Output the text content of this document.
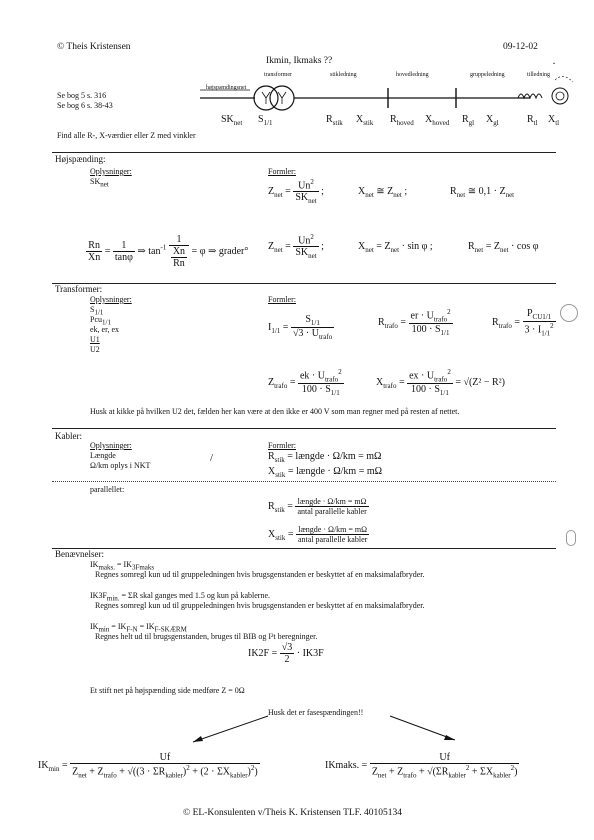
© Theis Kristensen	09-12-02
Ikmin, Ikmaks ??	·
Se bog 5 s. 316
Se bog 6 s. 38-43
transformer	stikledning	hovedledning	gruppeledning	tilledning
højspændingsnet
$SK_{net}$ $S_{1/1}$	$R_{stik}$ $X_{stik}$ $R_{hoved}$ $X_{hoved}$ $R_{gl}$ $X_{gl}$	$R_{tl}$ $X_{tl}$
Find alle R-, X-værdier eller Z med vinkler
Højspænding:
Oplysninger:
$SK_{net}$
Formler:
$Z_{net} = \frac{Un^2}{SK_{net}}$ ;	$X_{net}$ ≅ $Z_{net}$ ;	$R_{net}$ ≅ $0,1 \cdot Z_{net}$
$\frac{Rn}{Xn} = \frac{1}{\tan\varphi}$ ⇒ $\tan^{-1} \frac{1}{\frac{Xn}{Rn}} = \varphi$ ⇒ grader° $Z_{net} = \frac{Un^2}{SK_{net}}$ ;	$X_{net} = Z_{net} \cdot \sin \varphi$ ;	$R_{net} = Z_{net} \cdot \cos \varphi$
Transformer:
Oplysninger:
$S_{1/1}$
Pcu$_{1/1}$
ek, er, ex
U1
U2
Formler:
$I_{1/1} = \frac{S_{1/1}}{√3 \cdot U_{trafo}}$	$R_{trafo} = \frac{er \cdot U_{trafo}^2}{100 \cdot S_{1/1}}$	$R_{trafo} = \frac{P_{CU1/1}}{3 \cdot I_{1/1}^2}$
$Z_{trafo} = \frac{ek \cdot U_{trafo}^2}{100 \cdot S_{1/1}}$	$X_{trafo} = \frac{ex \cdot U_{trafo}^2}{100 \cdot S_{1/1}} = √(Z^2 - R^2)$
Husk at kikke på hvilken U2 det, fælden her kan være at den ikke er 400 V som man regner med på resten af nettet.
Kabler:
Oplysninger:
Længde
Ω/km oplys i NKT
/
Formler:
$R_{stik}$ = længde · Ω/km = mΩ
$X_{stik}$ = længde · Ω/km = mΩ
parallellet:
$R_{stik} = \frac{\text{længde · Ω/km = mΩ}}{\text{antal parallelle kabler}}$
$X_{stik} = \frac{\text{længde · Ω/km = mΩ}}{\text{antal parallelle kabler}}$
Benævnelser:
$IK_{maks.} = IK_{3Fmaks}$
Regnes somregl kun ud til gruppeledningen hvis brugsgenstanden er beskyttet af en maksimalafbryder.
$IK3F_{min.} = \Sigma R$ skal ganges med 1.5 og kun på kablerne.
Regnes somregl kun ud til gruppeledningen hvis brugsgenstanden er beskyttet af en maksimalafbryder.
$IK_{min} = IK_{F-N} = IK_{F-SKÆRM}$
Regnes helt ud til brugsgenstanden, bruges til BIB og I²t beregninger.
$IK2F = \frac{√3}{2} \cdot IK3F$
Et stift net på højspænding side medføre Z = 0Ω
Husk det er fasespændingen!!
$IK_{min} = \frac{Uf}{Z_{net} + Z_{trafo} + √((3 \cdot \Sigma R_{kabler})^2 + (2 \cdot \Sigma X_{kabler})^2)}$	IKmaks. = $\frac{Uf}{Z_{net} + Z_{trafo} + √(\Sigma R_{kabler}^2 + \Sigma X_{kabler}^2)}$
© EL-Konsulenten v/Theis K. Kristensen TLF. 40105134
